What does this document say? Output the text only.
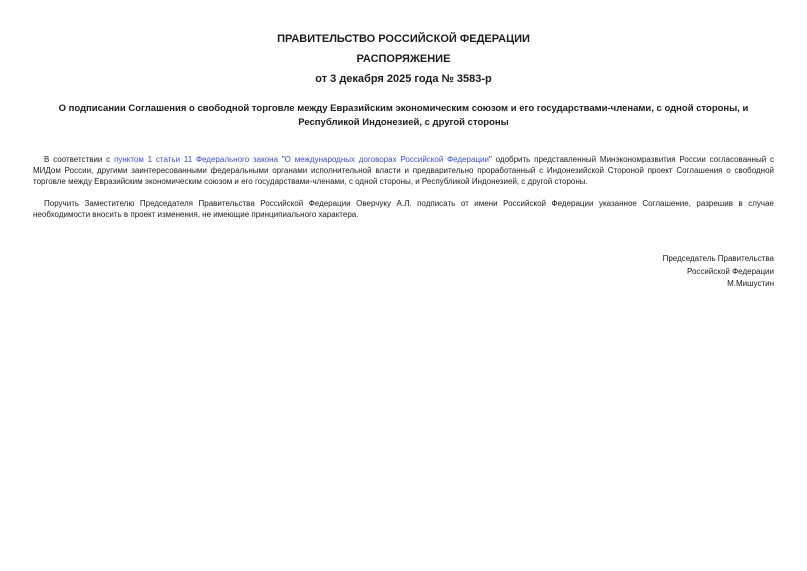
ПРАВИТЕЛЬСТВО РОССИЙСКОЙ ФЕДЕРАЦИИ
РАСПОРЯЖЕНИЕ
от 3 декабря 2025 года № 3583-р
О подписании Соглашения о свободной торговле между Евразийским экономическим союзом и его государствами-членами, с одной стороны, и Республикой Индонезией, с другой стороны

В соответствии с пунктом 1 статьи 11 Федерального закона "О международных договорах Российской Федерации" одобрить представленный Минэкономразвития России согласованный с МИДом России, другими заинтересованными федеральными органами исполнительной власти и предварительно проработанный с Индонезийской Стороной проект Соглашения о свободной торговле между Евразийским экономическим союзом и его государствами-членами, с одной стороны, и Республикой Индонезией, с другой стороны.

Поручить Заместителю Председателя Правительства Российской Федерации Оверчуку А.Л. подписать от имени Российской Федерации указанное Соглашение, разрешив в случае необходимости вносить в проект изменения, не имеющие принципиального характера.

Председатель Правительства
Российской Федерации
М.Мишустин
